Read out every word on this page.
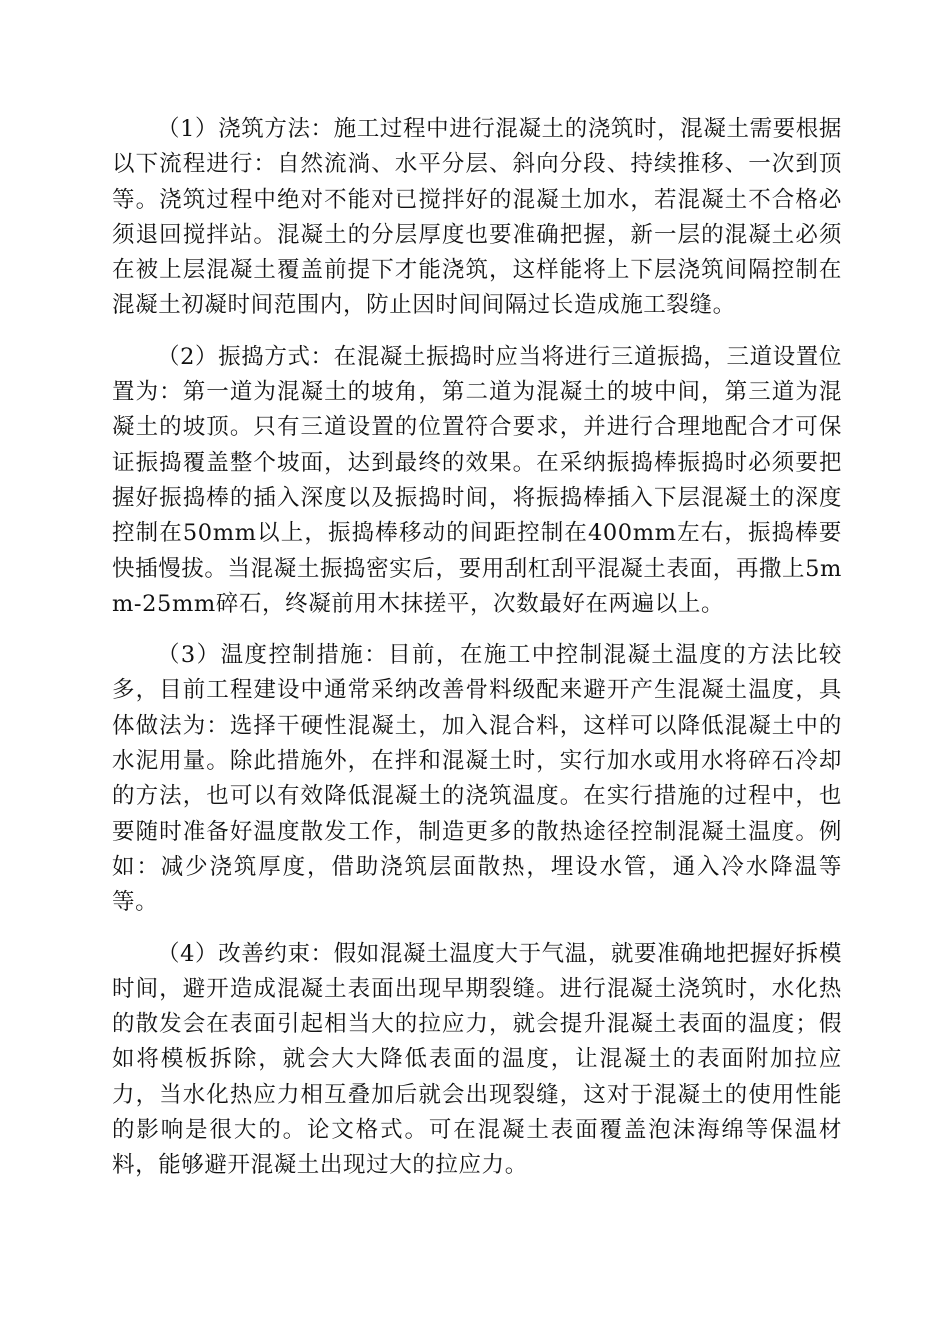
（1）浇筑方法：施工过程中进行混凝土的浇筑时，混凝土需要根据以下流程进行：自然流淌、水平分层、斜向分段、持续推移、一次到顶等。浇筑过程中绝对不能对已搅拌好的混凝土加水，若混凝土不合格必须退回搅拌站。混凝土的分层厚度也要准确把握，新一层的混凝土必须在被上层混凝土覆盖前提下才能浇筑，这样能将上下层浇筑间隔控制在混凝土初凝时间范围内，防止因时间间隔过长造成施工裂缝。

（2）振捣方式：在混凝土振捣时应当将进行三道振捣，三道设置位置为：第一道为混凝土的坡角，第二道为混凝土的坡中间，第三道为混凝土的坡顶。只有三道设置的位置符合要求，并进行合理地配合才可保证振捣覆盖整个坡面，达到最终的效果。在采纳振捣棒振捣时必须要把握好振捣棒的插入深度以及振捣时间，将振捣棒插入下层混凝土的深度控制在50mm以上，振捣棒移动的间距控制在400mm左右，振捣棒要快插慢拔。当混凝土振捣密实后，要用刮杠刮平混凝土表面，再撒上5mm-25mm碎石，终凝前用木抹搓平，次数最好在两遍以上。

（3）温度控制措施：目前，在施工中控制混凝土温度的方法比较多，目前工程建设中通常采纳改善骨料级配来避开产生混凝土温度，具体做法为：选择干硬性混凝土，加入混合料，这样可以降低混凝土中的水泥用量。除此措施外，在拌和混凝土时，实行加水或用水将碎石冷却的方法，也可以有效降低混凝土的浇筑温度。在实行措施的过程中，也要随时准备好温度散发工作，制造更多的散热途径控制混凝土温度。例如：减少浇筑厚度，借助浇筑层面散热，埋设水管，通入冷水降温等等。

（4）改善约束：假如混凝土温度大于气温，就要准确地把握好拆模时间，避开造成混凝土表面出现早期裂缝。进行混凝土浇筑时，水化热的散发会在表面引起相当大的拉应力，就会提升混凝土表面的温度；假如将模板拆除，就会大大降低表面的温度，让混凝土的表面附加拉应力，当水化热应力相互叠加后就会出现裂缝，这对于混凝土的使用性能的影响是很大的。论文格式。可在混凝土表面覆盖泡沫海绵等保温材料，能够避开混凝土出现过大的拉应力。
